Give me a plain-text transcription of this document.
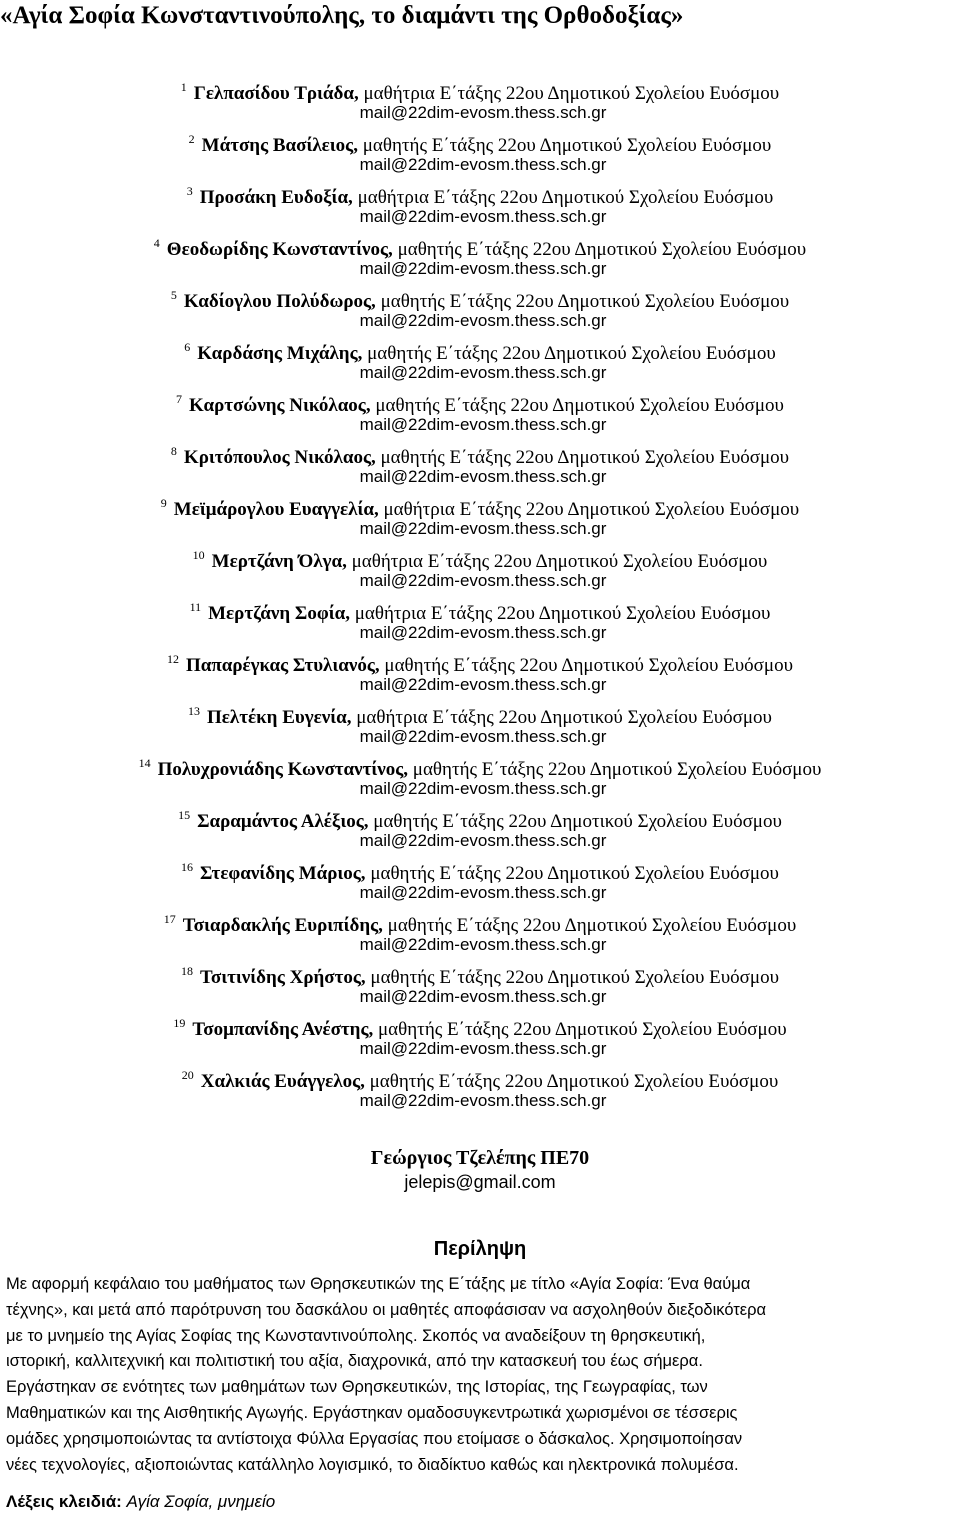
«Αγία Σοφία Κωνσταντινούπολης, το διαμάντι της Ορθοδοξίας»
$^1$ Γελπασίδου Τριάδα, μαθήτρια Ε΄τάξης 22ου Δημοτικού Σχολείου Ευόσμου
mail@22dim-evosm.thess.sch.gr
$^2$ Μάτσης Βασίλειος, μαθητής Ε΄τάξης 22ου Δημοτικού Σχολείου Ευόσμου
mail@22dim-evosm.thess.sch.gr
$^3$ Προσάκη Ευδοξία, μαθήτρια Ε΄τάξης 22ου Δημοτικού Σχολείου Ευόσμου
mail@22dim-evosm.thess.sch.gr
$^4$ Θεοδωρίδης Κωνσταντίνος, μαθητής Ε΄τάξης 22ου Δημοτικού Σχολείου Ευόσμου
mail@22dim-evosm.thess.sch.gr
$^5$ Καδίογλου Πολύδωρος, μαθητής Ε΄τάξης 22ου Δημοτικού Σχολείου Ευόσμου
mail@22dim-evosm.thess.sch.gr
$^6$ Καρδάσης Μιχάλης, μαθητής Ε΄τάξης 22ου Δημοτικού Σχολείου Ευόσμου
mail@22dim-evosm.thess.sch.gr
$^7$ Καρτσώνης Νικόλαος, μαθητής Ε΄τάξης 22ου Δημοτικού Σχολείου Ευόσμου
mail@22dim-evosm.thess.sch.gr
$^8$ Κριτόπουλος Νικόλαος, μαθητής Ε΄τάξης 22ου Δημοτικού Σχολείου Ευόσμου
mail@22dim-evosm.thess.sch.gr
$^9$ Μεϊμάρογλου Ευαγγελία, μαθήτρια Ε΄τάξης 22ου Δημοτικού Σχολείου Ευόσμου
mail@22dim-evosm.thess.sch.gr
$^{10}$ Μερτζάνη Όλγα, μαθήτρια Ε΄τάξης 22ου Δημοτικού Σχολείου Ευόσμου
mail@22dim-evosm.thess.sch.gr
$^{11}$ Μερτζάνη Σοφία, μαθήτρια Ε΄τάξης 22ου Δημοτικού Σχολείου Ευόσμου
mail@22dim-evosm.thess.sch.gr
$^{12}$ Παπαρέγκας Στυλιανός, μαθητής Ε΄τάξης 22ου Δημοτικού Σχολείου Ευόσμου
mail@22dim-evosm.thess.sch.gr
$^{13}$ Πελτέκη Ευγενία, μαθήτρια Ε΄τάξης 22ου Δημοτικού Σχολείου Ευόσμου
mail@22dim-evosm.thess.sch.gr
$^{14}$ Πολυχρονιάδης Κωνσταντίνος, μαθητής Ε΄τάξης 22ου Δημοτικού Σχολείου Ευόσμου
mail@22dim-evosm.thess.sch.gr
$^{15}$ Σαραμάντος Αλέξιος, μαθητής Ε΄τάξης 22ου Δημοτικού Σχολείου Ευόσμου
mail@22dim-evosm.thess.sch.gr
$^{16}$ Στεφανίδης Μάριος, μαθητής Ε΄τάξης 22ου Δημοτικού Σχολείου Ευόσμου
mail@22dim-evosm.thess.sch.gr
$^{17}$ Τσιαρδακλής Ευριπίδης, μαθητής Ε΄τάξης 22ου Δημοτικού Σχολείου Ευόσμου
mail@22dim-evosm.thess.sch.gr
$^{18}$ Τσιτινίδης Χρήστος, μαθητής Ε΄τάξης 22ου Δημοτικού Σχολείου Ευόσμου
mail@22dim-evosm.thess.sch.gr
$^{19}$ Τσομπανίδης Ανέστης, μαθητής Ε΄τάξης 22ου Δημοτικού Σχολείου Ευόσμου
mail@22dim-evosm.thess.sch.gr
$^{20}$ Χαλκιάς Ευάγγελος, μαθητής Ε΄τάξης 22ου Δημοτικού Σχολείου Ευόσμου
mail@22dim-evosm.thess.sch.gr
Γεώργιος Τζελέπης ΠΕ70
jelepis@gmail.com
Περίληψη
Με αφορμή κεφάλαιο του μαθήματος των Θρησκευτικών της Ε΄τάξης με τίτλο «Αγία Σοφία: Ένα θαύμα
τέχνης», και μετά από παρότρυνση του δασκάλου οι μαθητές αποφάσισαν να ασχοληθούν διεξοδικότερα
με το μνημείο της Αγίας Σοφίας της Κωνσταντινούπολης. Σκοπός να αναδείξουν τη θρησκευτική,
ιστορική, καλλιτεχνική και πολιτιστική του αξία, διαχρονικά, από την κατασκευή του έως σήμερα.
Εργάστηκαν σε ενότητες των μαθημάτων των Θρησκευτικών, της Ιστορίας, της Γεωγραφίας, των
Μαθηματικών και της Αισθητικής Αγωγής. Εργάστηκαν ομαδοσυγκεντρωτικά χωρισμένοι σε τέσσερις
ομάδες χρησιμοποιώντας τα αντίστοιχα Φύλλα Εργασίας που ετοίμασε ο δάσκαλος. Χρησιμοποίησαν
νέες τεχνολογίες, αξιοποιώντας κατάλληλο λογισμικό, το διαδίκτυο καθώς και ηλεκτρονικά πολυμέσα.
Λέξεις κλειδιά: Αγία Σοφία, μνημείο
